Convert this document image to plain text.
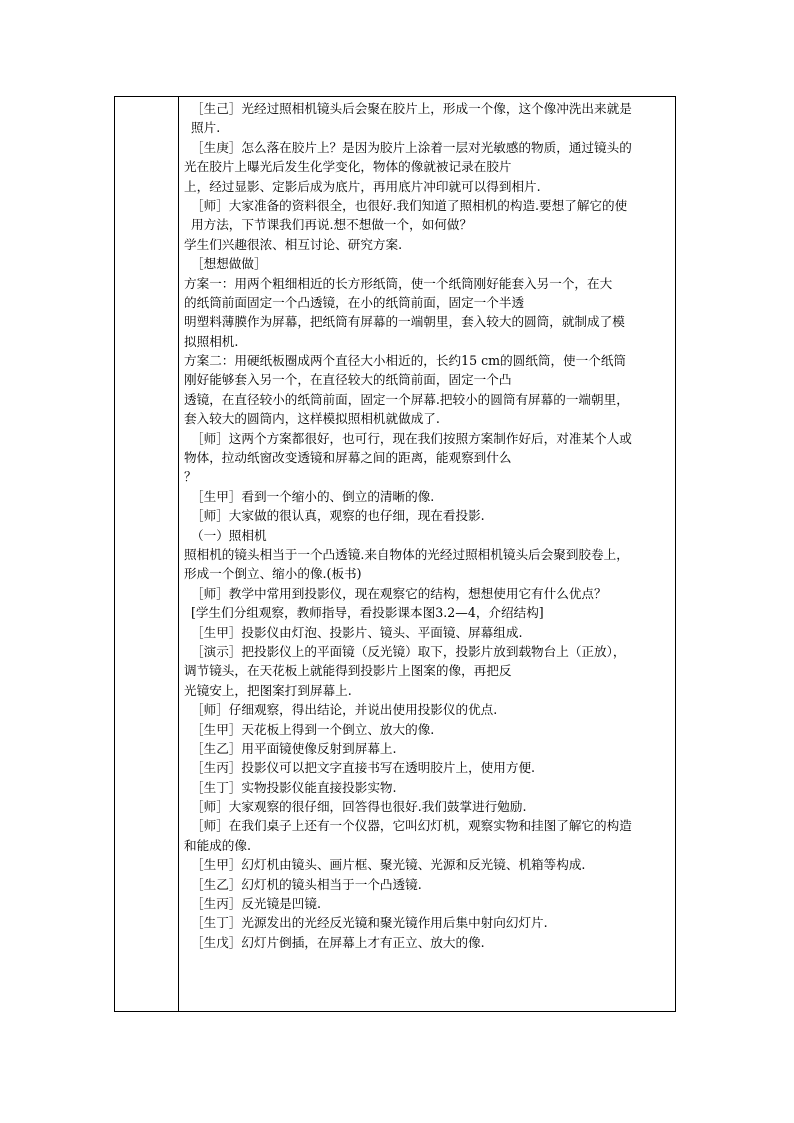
［生己］光经过照相机镜头后会聚在胶片上，形成一个像，这个像冲洗出来就是
照片.
［生庚］怎么落在胶片上？是因为胶片上涂着一层对光敏感的物质，通过镜头的
光在胶片上曝光后发生化学变化，物体的像就被记录在胶片
上，经过显影、定影后成为底片，再用底片冲印就可以得到相片.
［师］大家准备的资料很全，也很好.我们知道了照相机的构造.要想了解它的使
用方法，下节课我们再说.想不想做一个，如何做？
学生们兴趣很浓、相互讨论、研究方案.
［想想做做］
方案一：用两个粗细相近的长方形纸筒，使一个纸筒刚好能套入另一个，在大
的纸筒前面固定一个凸透镜，在小的纸筒前面，固定一个半透
明塑料薄膜作为屏幕，把纸筒有屏幕的一端朝里，套入较大的圆筒，就制成了模
拟照相机.
方案二：用硬纸板圈成两个直径大小相近的，长约15 cm的圆纸筒，使一个纸筒
刚好能够套入另一个，在直径较大的纸筒前面，固定一个凸
透镜，在直径较小的纸筒前面，固定一个屏幕.把较小的圆筒有屏幕的一端朝里，
套入较大的圆筒内，这样模拟照相机就做成了.
［师］这两个方案都很好，也可行，现在我们按照方案制作好后，对准某个人或
物体，拉动纸窗改变透镜和屏幕之间的距离，能观察到什么
？
［生甲］看到一个缩小的、倒立的清晰的像.
［师］大家做的很认真，观察的也仔细，现在看投影.
（一）照相机
照相机的镜头相当于一个凸透镜.来自物体的光经过照相机镜头后会聚到胶卷上，
形成一个倒立、缩小的像.(板书)
［师］教学中常用到投影仪，现在观察它的结构，想想使用它有什么优点？
[学生们分组观察，教师指导，看投影课本图3.2—4，介绍结构]
［生甲］投影仪由灯泡、投影片、镜头、平面镜、屏幕组成.
［演示］把投影仪上的平面镜（反光镜）取下，投影片放到载物台上（正放），
调节镜头，在天花板上就能得到投影片上图案的像，再把反
光镜安上，把图案打到屏幕上.
［师］仔细观察，得出结论，并说出使用投影仪的优点.
［生甲］天花板上得到一个倒立、放大的像.
［生乙］用平面镜使像反射到屏幕上.
［生丙］投影仪可以把文字直接书写在透明胶片上，使用方便.
［生丁］实物投影仪能直接投影实物.
［师］大家观察的很仔细，回答得也很好.我们鼓掌进行勉励.
［师］在我们桌子上还有一个仪器，它叫幻灯机，观察实物和挂图了解它的构造
和能成的像.
［生甲］幻灯机由镜头、画片框、聚光镜、光源和反光镜、机箱等构成.
［生乙］幻灯机的镜头相当于一个凸透镜.
［生丙］反光镜是凹镜.
［生丁］光源发出的光经反光镜和聚光镜作用后集中射向幻灯片.
［生戊］幻灯片倒插，在屏幕上才有正立、放大的像.
